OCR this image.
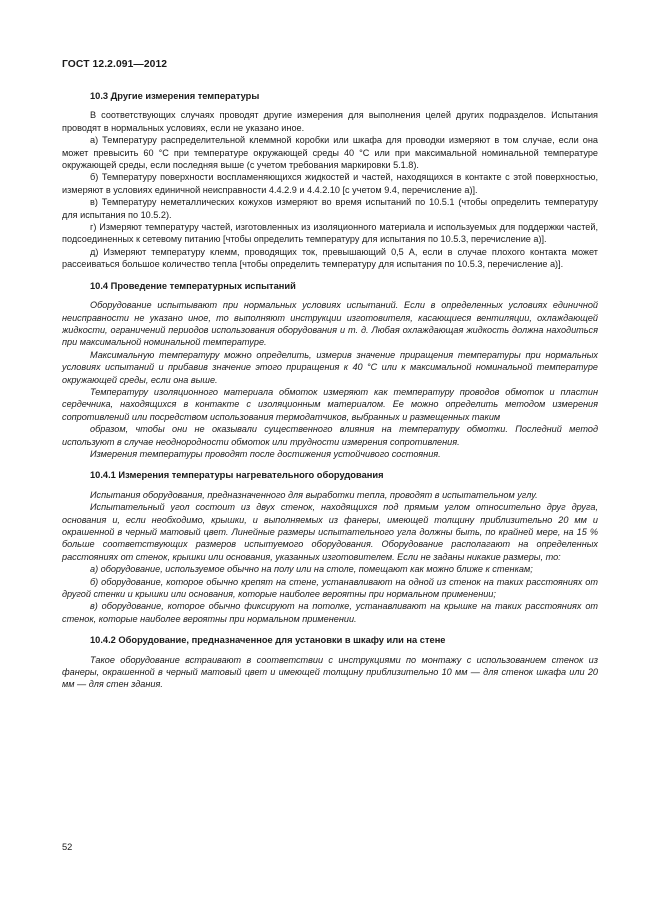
ГОСТ 12.2.091—2012
10.3 Другие измерения температуры

В соответствующих случаях проводят другие измерения для выполнения целей других подразделов. Испытания проводят в нормальных условиях, если не указано иное.

а) Температуру распределительной клеммной коробки или шкафа для проводки измеряют в том случае, если она может превысить 60 °С при температуре окружающей среды 40 °С или при максимальной номинальной температуре окружающей среды, если последняя выше (с учетом требования маркировки 5.1.8).

б) Температуру поверхности воспламеняющихся жидкостей и частей, находящихся в контакте с этой поверхностью, измеряют в условиях единичной неисправности 4.4.2.9 и 4.4.2.10 [с учетом 9.4, перечисление а)].

в) Температуру неметаллических кожухов измеряют во время испытаний по 10.5.1 (чтобы определить температуру для испытания по 10.5.2).

г) Измеряют температуру частей, изготовленных из изоляционного материала и используемых для поддержки частей, подсоединенных к сетевому питанию [чтобы определить температуру для испытания по 10.5.3, перечисление а)].

д) Измеряют температуру клемм, проводящих ток, превышающий 0,5 А, если в случае плохого контакта может рассеиваться большое количество тепла [чтобы определить температуру для испытания по 10.5.3, перечисление а)].

10.4 Проведение температурных испытаний

Оборудование испытывают при нормальных условиях испытаний. Если в определенных условиях единичной неисправности не указано иное, то выполняют инструкции изготовителя, касающиеся вентиляции, охлаждающей жидкости, ограничений периодов использования оборудования и т. д. Любая охлаждающая жидкость должна находиться при максимальной номинальной температуре.

Максимальную температуру можно определить, измерив значение приращения температуры при нормальных условиях испытаний и прибавив значение этого приращения к 40 °С или к максимальной номинальной температуре окружающей среды, если она выше.

Температуру изоляционного материала обмоток измеряют как температуру проводов обмоток и пластин сердечника, находящихся в контакте с изоляционным материалом. Ее можно определить методом измерения сопротивлений или посредством использования термодатчиков, выбранных и размещенных таким

образом, чтобы они не оказывали существенного влияния на температуру обмотки. Последний метод используют в случае неоднородности обмоток или трудности измерения сопротивления.

Измерения температуры проводят после достижения устойчивого состояния.

10.4.1 Измерения температуры нагревательного оборудования

Испытания оборудования, предназначенного для выработки тепла, проводят в испытательном углу.

Испытательный угол состоит из двух стенок, находящихся под прямым углом относительно друг друга, основания и, если необходимо, крышки, и выполняемых из фанеры, имеющей толщину приблизительно 20 мм и окрашенной в черный матовый цвет. Линейные размеры испытательного угла должны быть, по крайней мере, на 15 % больше соответствующих размеров испытуемого оборудования. Оборудование располагают на определенных расстояниях от стенок, крышки или основания, указанных изготовителем. Если не заданы никакие размеры, то:

а) оборудование, используемое обычно на полу или на столе, помещают как можно ближе к стенкам;

б) оборудование, которое обычно крепят на стене, устанавливают на одной из стенок на таких расстояниях от другой стенки и крышки или основания, которые наиболее вероятны при нормальном применении;

в) оборудование, которое обычно фиксируют на потолке, устанавливают на крышке на таких расстояниях от стенок, которые наиболее вероятны при нормальном применении.

10.4.2 Оборудование, предназначенное для установки в шкафу или на стене

Такое оборудование встраивают в соответствии с инструкциями по монтажу с использованием стенок из фанеры, окрашенной в черный матовый цвет и имеющей толщину приблизительно 10 мм — для стенок шкафа или 20 мм — для стен здания.

52
